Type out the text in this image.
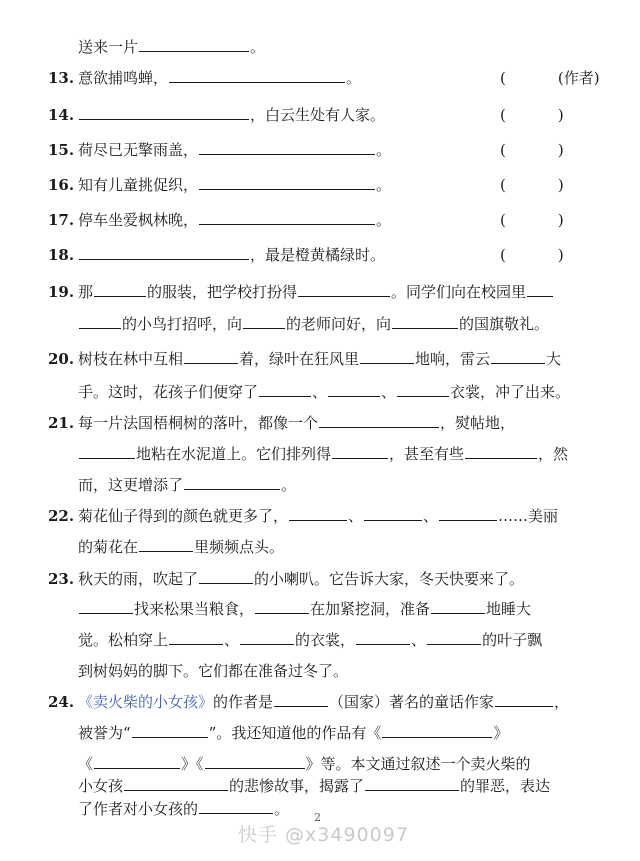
送来一片	。
13. 意欲捕鸣蝉，	。	(	(作者)
14.	，白云生处有人家。	(	)
15. 荷尽已无擎雨盖，	。	(	)
16. 知有儿童挑促织，	。	(	)
17. 停车坐爱枫林晚，	。	(	)
18.	，最是橙黄橘绿时。	(	)
19. 那	的服装，把学校打扮得	。同学们向在校园里
的小鸟打招呼，向	的老师问好，向	的国旗敬礼。
20. 树枝在林中互相	着，绿叶在狂风里	地响，雷云	大
手。这时，花孩子们便穿了	、	、	衣裳，冲了出来。
21. 每一片法国梧桐树的落叶，都像一个	，熨帖地，
地粘在水泥道上。它们排列得	，甚至有些	，然
而，这更增添了	。
22. 菊花仙子得到的颜色就更多了，	、	、	……美丽
的菊花在	里频频点头。
23. 秋天的雨，吹起了	的小喇叭。它告诉大家，冬天快要来了。
找来松果当粮食，	在加紧挖洞，准备	地睡大
觉。松柏穿上	、	的衣裳，	、	的叶子飘
到树妈妈的脚下。它们都在准备过冬了。
24. 《卖火柴的小女孩》的作者是	（国家）著名的童话作家	，
被誉为“	”。我还知道他的作品有《	》
《	》《	》等。本文通过叙述一个卖火柴的
小女孩	的悲惨故事，揭露了	的罪恶，表达
了作者对小女孩的	。 2
快手 @x3490097
